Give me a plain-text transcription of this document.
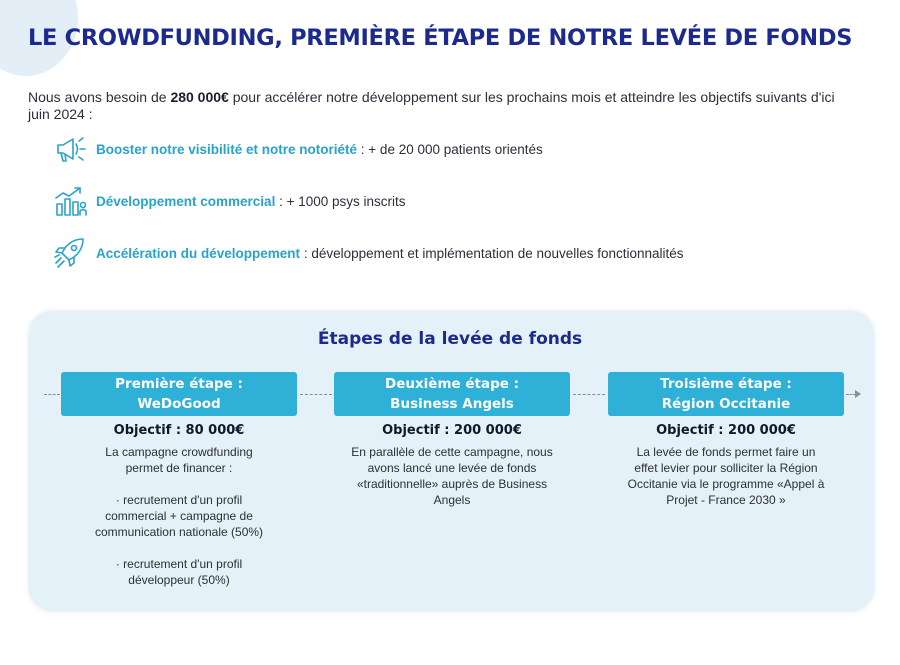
LE CROWDFUNDING, PREMIÈRE ÉTAPE DE NOTRE LEVÉE DE FONDS

Nous avons besoin de 280 000€ pour accélérer notre développement sur les prochains mois et atteindre les objectifs suivants d'ici juin 2024 :

Booster notre visibilité et notre notoriété : + de 20 000 patients orientés
Développement commercial : + 1000 psys inscrits
Accélération du développement : développement et implémentation de nouvelles fonctionnalités
Étapes de la levée de fonds
Première étape :
WeDoGood
Objectif : 80 000€

La campagne crowdfunding permet de financer :

· recrutement d'un profil commercial + campagne de communication nationale (50%)

· recrutement d'un profil développeur (50%)

Deuxième étape :
Business Angels
Objectif : 200 000€

En parallèle de cette campagne, nous avons lancé une levée de fonds «traditionnelle» auprès de Business Angels

Troisième étape :
Région Occitanie
Objectif : 200 000€

La levée de fonds permet faire un effet levier pour solliciter la Région Occitanie via le programme «Appel à Projet - France 2030 »
